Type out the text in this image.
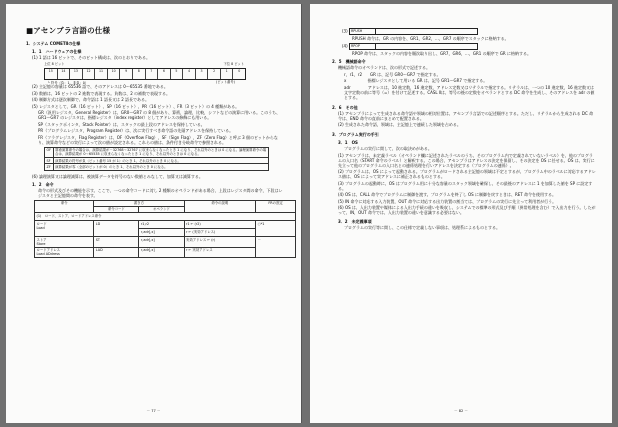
■アセンブラ言語の仕様
1．システム COMETⅡの仕様
1．1　ハードウェアの仕様
(1) 1 語は 16 ビットで、そのビット構成は、次のとおりである。
上位 8 ビット	下位 8 ビット
15	14	13	12	11	10	9	8	7	6	5	4	3	2	1	0
└ 符号（負：1，非負：0）	(ビット番号)
(2) 主記憶の容量は 65536 語で、そのアドレスは 0～65535 番地である。
(3) 数値は、16 ビットの 2 進数で表現する。負数は、2 の補数で表現する。
(4) 制御方式は逐次制御で、命令語は 1 語長又は 2 語長である。
(5) レジスタとして、GR（16 ビット）、SP（16 ビット）、PR（16 ビット）、FR（3 ビット）の 4 種類がある。
GR（汎用レジスタ，General Register）は、GR0～GR7 の 8 個があり、算術，論理，比較，シフトなどの演算に用いる。このうち、GR1～GR7 のレジスタは、指標レジスタ（index register）としてアドレスの修飾にも用いる。
SP（スタックポインタ，Stack Pointer）は、スタックの最上段のアドレスを保持している。
PR（プログラムレジスタ，Program Register）は、次に実行すべき命令語の先頭アドレスを保持している。
FR（フラグレジスタ，Flag Register）は、OF（Overflow Flag），SF（Sign Flag），ZF（Zero Flag）と呼ぶ 3 個のビットからなり、演算命令などの実行によって次の値が設定される。これらの値は、条件付き分岐命令で参照される。
OF	算術演算命令の場合は、演算結果が－32768～32767 に収まらなくなったとき 1 になり、それ以外のときは 0 になる。論理演算命令の場合は、演算結果が 0～65535 に収まらなくなったとき 1 になり、それ以外のときは 0 になる。
SF	演算結果の符号が負（ビット番号 15 が 1）のとき 1、それ以外のとき 0 になる。
ZF	演算結果が零（全部のビットが 0）のとき 1、それ以外のとき 0 になる。
(6) 論理演算又は論理減算は、被演算データを符号のない数値とみなして、加算又は減算する。
1．2　命令
命令の形式及びその機能を示す。ここで、一つの命令コードに対し 2 種類のオペランドがある場合、上段はレジスタ間の命令，下段はレジスタと主記憶間の命令を表す。
命令	書き方		命令の説明	FRの設定
	命令コード	オペランド		
(1)　ロード、ストア、ロードアドレス命令				
ロード
Load	LD	r1,r2	r1 ← (r2)	○*1
		r,adr[,x]	r ← (実効アドレス)	
ストア
Store	ST	r,adr[,x]	実効アドレス ← (r)	－
ロードアドレス
Load ADdress	LAD	r,adr[,x]	r ← 実効アドレス	
－ 77 －
(3) RPUSH
RPUSH 命令は、GR の内容を、GR1，GR2，…，GR7 の順序でスタックに格納する。
(4) RPOP
RPOP 命令は、スタックの内容を順次取り出し、GR7，GR6，…，GR1 の順序で GR に格納する。
2．5　機械語命令
機械語命令のオペランドは、次の形式で記述する。
r，r1，r2　　GR は、記号 GR0～GR7 で指定する。
x　　　　　 指標レジスタとして用いる GR は、記号 GR1～GR7 で指定する。
adr　　　　 アドレスは、10 進定数，16 進定数，アドレス定数又はリテラルで指定する。リテラルは、一つの 10 進定数，16 進定数又は文字定数の前に等号（=）を付けて記述する。CASL Ⅱは、等号の後の定数をオペランドとする DC 命令を生成し、そのアドレスを adr の値とする。
2．6　その他
(1) アセンブラによって生成される命令語や領域の相対位置は、アセンブラ言語での記述順序とする。ただし、リテラルから生成される DC 命令は、END 命令の直前にまとめて配置される。
(2) 生成された命令語，領域は、主記憶上で連続した領域を占める。
3．プログラム実行の手引
3．1　OS
プログラムの実行に関して、次の取決めがある。
(1) アセンブラは、未定義ラベル（オペランド欄に記述されたラベルのうち、そのプログラム内で定義されていないラベル）を、他のプログラムの入口名（START 命令のラベル）と解釈する。この場合、アセンブラはアドレスの決定を保留し、その決定を OS に任せる。OS は、実行に先立って他のプログラムの入口名との連係処理を行いアドレスを決定する（プログラムの連係）。
(2) プログラムは、OS によって起動される。プログラムがロードされる主記憶の領域は不定とするが、プログラム中のラベルに対応するアドレス値は、OS によって実アドレスに補正されるものとする。
(3) プログラムの起動時に、OS はプログラム用に十分な容量のスタック領域を確保し、その最後のアドレスに 1 を加算した値を SP に設定する。
(4) OS は、CALL 命令でプログラムに制御を渡す。プログラムを終了し OS に制御を戻すときは、RET 命令を使用する。
(5) IN 命令に対応する入力装置，OUT 命令に対応する出力装置の割当ては、プログラムの実行に先立って利用者が行う。
(6) OS は、入出力装置や媒体による入出力手続の違いを吸収し、システムでの標準の形式及び手順（異常処理を含む）で入出力を行う。したがって、IN，OUT 命令では、入出力装置の違いを意識する必要はない。
3．2　未定義事項
プログラムの実行等に関し、この仕様で定義しない事項は、処理系によるものとする。
－ 82 －
